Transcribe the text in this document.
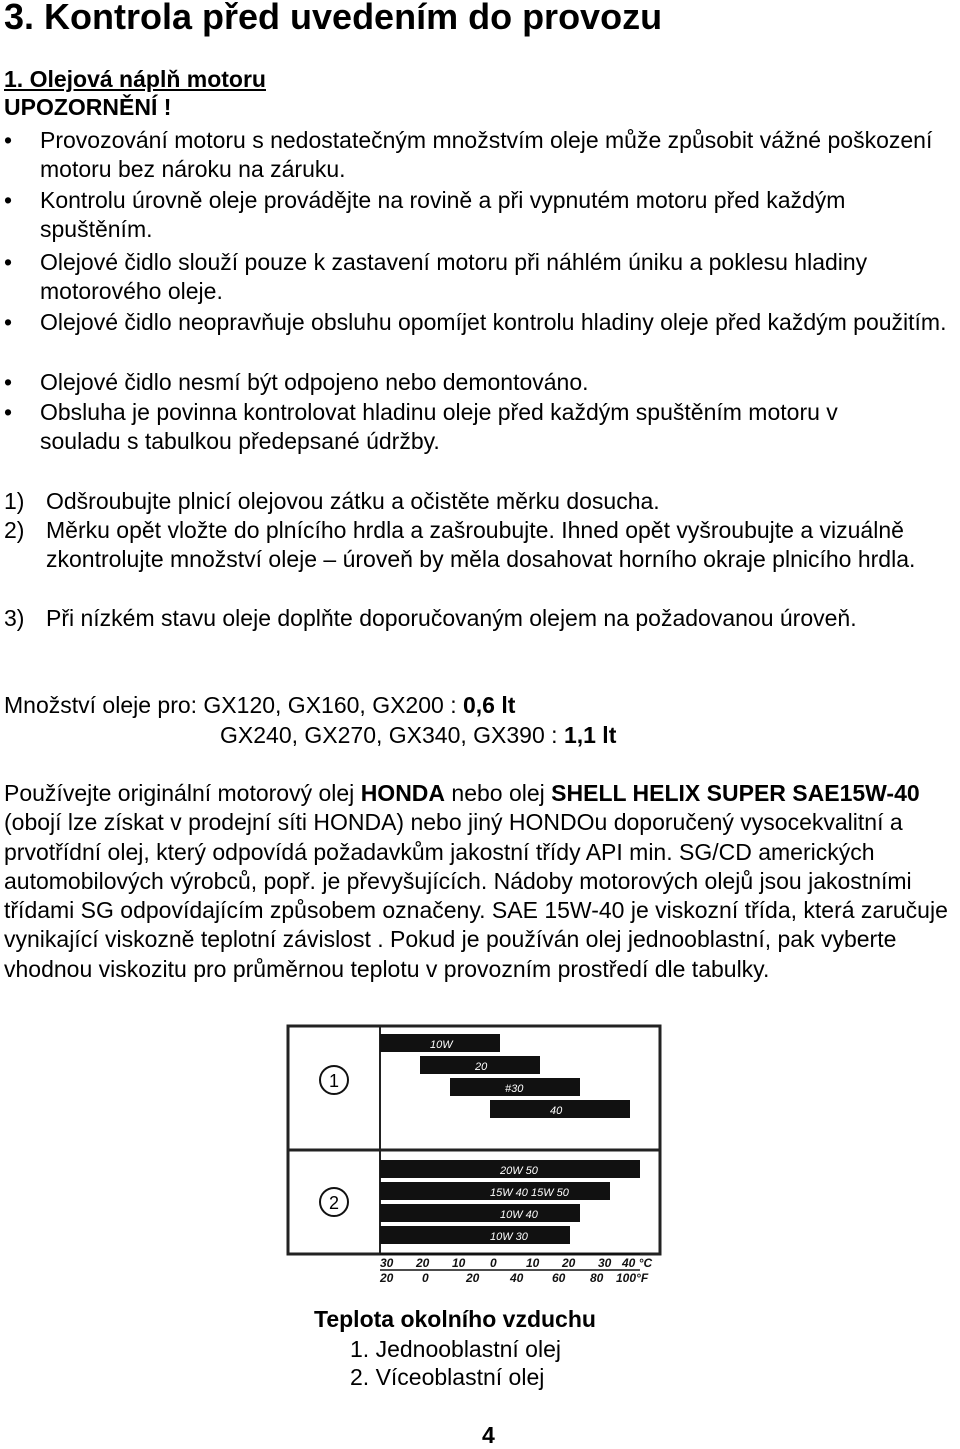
3. Kontrola před uvedením do provozu
1. Olejová náplň motoru
UPOZORNĚNÍ !
• Provozování motoru s nedostatečným množstvím oleje může způsobit vážné poškození motoru bez nároku na záruku.
• Kontrolu úrovně oleje provádějte na rovině a při vypnutém motoru před každým spuštěním.
• Olejové čidlo slouží pouze k zastavení motoru při náhlém úniku a poklesu hladiny motorového oleje.
• Olejové čidlo neopravňuje obsluhu opomíjet kontrolu hladiny oleje před každým použitím.
• Olejové čidlo nesmí být odpojeno nebo demontováno.
• Obsluha je povinna kontrolovat hladinu oleje před každým spuštěním motoru v souladu s tabulkou předepsané údržby.
1) Odšroubujte plnicí olejovou zátku a očistěte měrku dosucha.
2) Měrku opět vložte do plnícího hrdla a zašroubujte. Ihned opět vyšroubujte a vizuálně zkontrolujte množství oleje – úroveň by měla dosahovat horního okraje plnicího hrdla.
3) Při nízkém stavu oleje doplňte doporučovaným olejem na požadovanou úroveň.
Množství oleje pro: GX120, GX160, GX200 : 0,6 lt
GX240, GX270, GX340, GX390 : 1,1 lt
Používejte originální motorový olej HONDA nebo olej SHELL HELIX SUPER SAE15W-40 (obojí lze získat v prodejní síti HONDA) nebo jiný HONDOu doporučený vysocekvalitní a prvotřídní olej, který odpovídá požadavkům jakostní třídy API min. SG/CD amerických automobilových výrobců, popř. je převyšujících. Nádoby motorových olejů jsou jakostními třídami SG odpovídajícím způsobem označeny. SAE 15W-40 je viskozní třída, která zaručuje vynikající viskozně teplotní závislost . Pokud je používán olej jednooblastní, pak vyberte vhodnou viskozitu pro průměrnou teplotu v provozním prostředí dle tabulky.
1
2
10W
20
#30
40
20W 50
15W 40 15W 50
10W 40
10W 30
30 20 10 0 10 20 30 40 °C
20 0	20	40 60 80 100°F
Teplota okolního vzduchu
1. Jednooblastní olej
2. Víceoblastní olej
4
